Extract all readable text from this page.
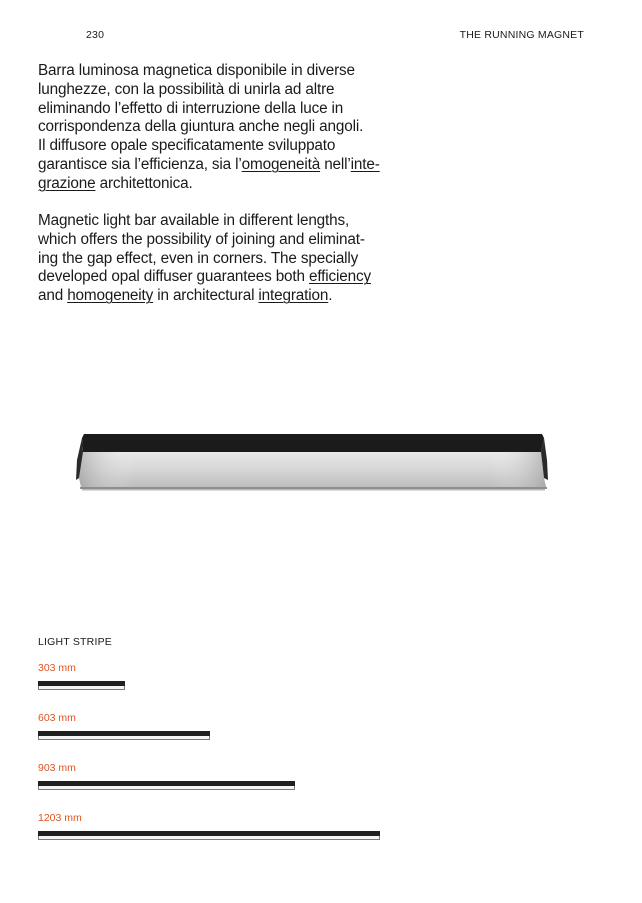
230	THE RUNNING MAGNET

Barra luminosa magnetica disponibile in diverse
lunghezze, con la possibilità di unirla ad altre
eliminando l’effetto di interruzione della luce in
corrispondenza della giuntura anche negli angoli.
Il diffusore opale specificatamente sviluppato
garantisce sia l’efficienza, sia l’omogeneità nell’inte-
grazione architettonica.

Magnetic light bar available in different lengths,
which offers the possibility of joining and eliminat-
ing the gap effect, even in corners. The specially
developed opal diffuser guarantees both efficiency
and homogeneity in architectural integration.

LIGHT STRIPE
303 mm
603 mm
903 mm
1203 mm
